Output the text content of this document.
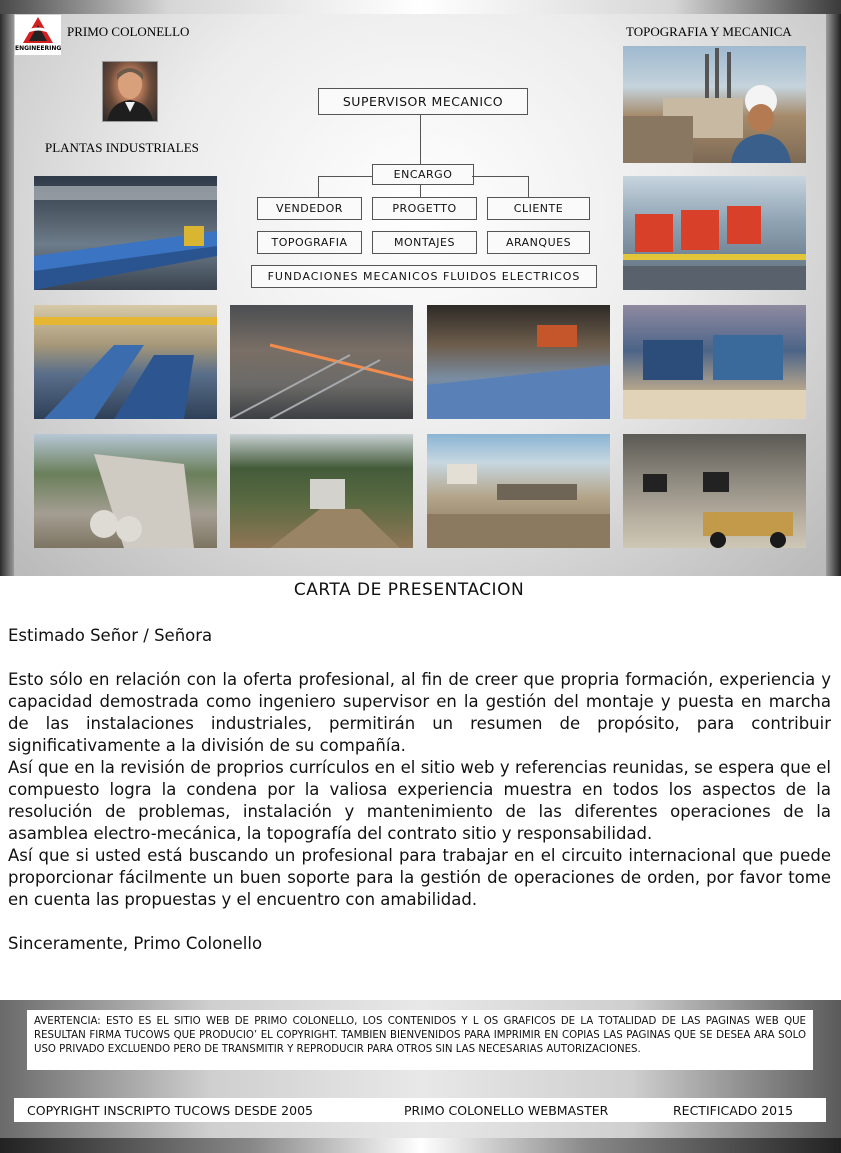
ENGINEERING
PRIMO COLONELLO	TOPOGRAFIA Y MECANICA
PLANTAS INDUSTRIALES
SUPERVISOR MECANICO
ENCARGO
VENDEDOR	PROGETTO	CLIENTE
TOPOGRAFIA	MONTAJES	ARANQUES
FUNDACIONES MECANICOS FLUIDOS ELECTRICOS
CARTA DE PRESENTACION

Estimado Señor / Señora

Esto sólo en relación con la oferta profesional, al fin de creer que propria formación, experiencia y capacidad demostrada como ingeniero supervisor en la gestión del montaje y puesta en marcha de las instalaciones industriales, permitirán un resumen de propósito, para contribuir significativamente a la división de su compañía.

Así que en la revisión de proprios currículos en el sitio web y referencias reunidas, se espera que el compuesto logra la condena por la valiosa experiencia muestra en todos los aspectos de la resolución de problemas, instalación y mantenimiento de las diferentes operaciones de la asamblea electro-mecánica, la topografía del contrato sitio y responsabilidad.

Así que si usted está buscando un profesional para trabajar en el circuito internacional que puede proporcionar fácilmente un buen soporte para la gestión de operaciones de orden, por favor tome en cuenta las propuestas y el encuentro con amabilidad.

Sinceramente, Primo Colonello

AVERTENCIA: ESTO ES EL SITIO WEB DE PRIMO COLONELLO, LOS CONTENIDOS Y L OS GRAFICOS DE LA TOTALIDAD DE LAS PAGINAS WEB QUE RESULTAN FIRMA TUCOWS QUE PRODUCIO’ EL COPYRIGHT. TAMBIEN BIENVENIDOS PARA IMPRIMIR EN COPIAS LAS PAGINAS QUE SE DESEA ARA SOLO USO PRIVADO EXCLUENDO PERO DE TRANSMITIR Y REPRODUCIR PARA OTROS SIN LAS NECESARIAS AUTORIZACIONES.
COPYRIGHT INSCRIPTO TUCOWS DESDE 2005	PRIMO COLONELLO WEBMASTER	RECTIFICADO 2015
